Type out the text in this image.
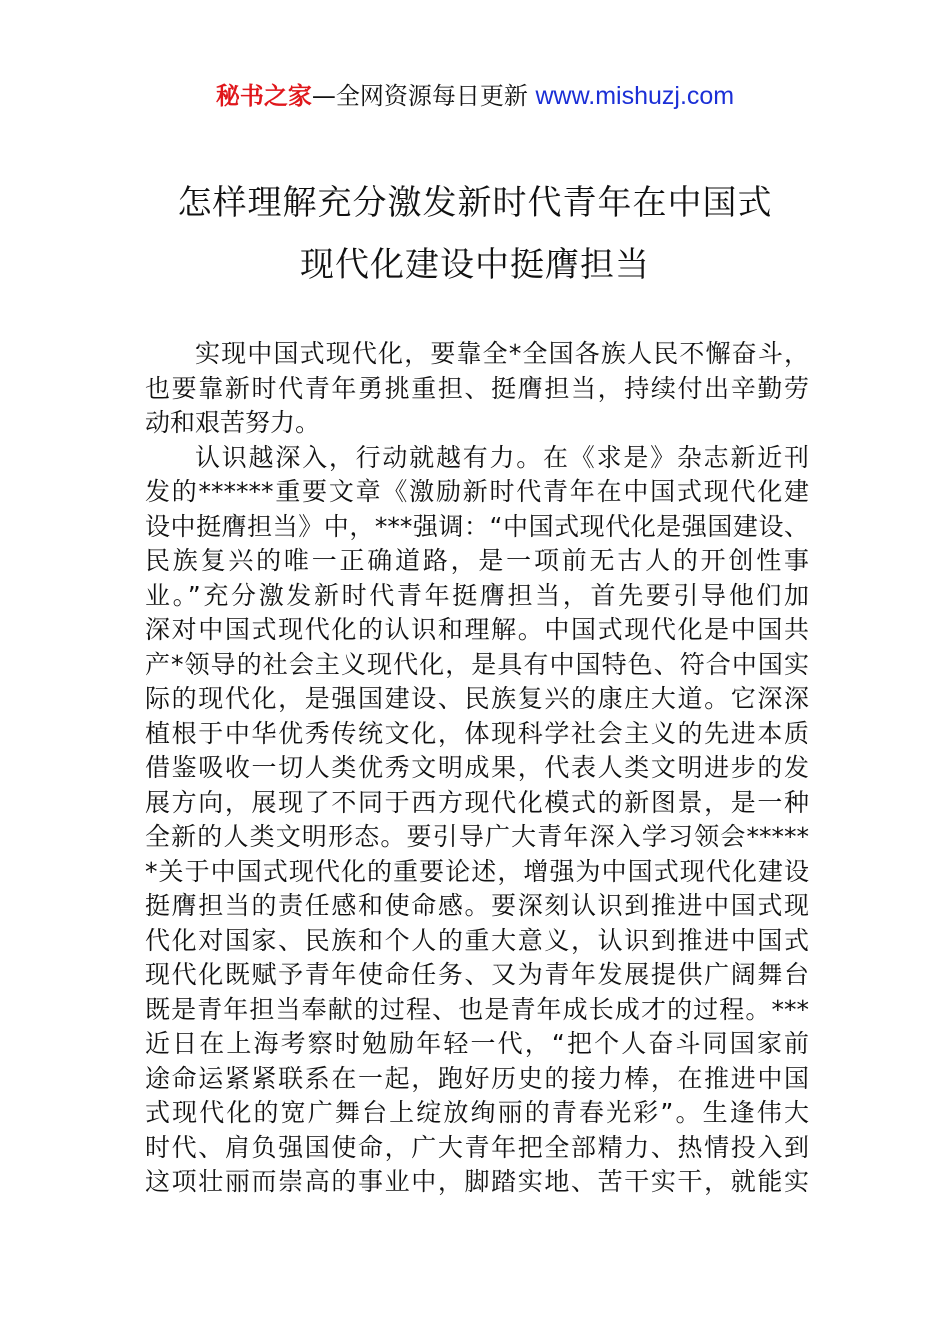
秘书之家—全网资源每日更新 www.mishuzj.com
怎样理解充分激发新时代青年在中国式
现代化建设中挺膺担当
实现中国式现代化，要靠全*全国各族人民不懈奋斗，
也要靠新时代青年勇挑重担、挺膺担当，持续付出辛勤劳
动和艰苦努力。
认识越深入，行动就越有力。在《求是》杂志新近刊
发的******重要文章《激励新时代青年在中国式现代化建
设中挺膺担当》中，***强调：“中国式现代化是强国建设、
民族复兴的唯一正确道路，是一项前无古人的开创性事
业。”充分激发新时代青年挺膺担当，首先要引导他们加
深对中国式现代化的认识和理解。中国式现代化是中国共
产*领导的社会主义现代化，是具有中国特色、符合中国实
际的现代化，是强国建设、民族复兴的康庄大道。它深深
植根于中华优秀传统文化，体现科学社会主义的先进本质
借鉴吸收一切人类优秀文明成果，代表人类文明进步的发
展方向，展现了不同于西方现代化模式的新图景，是一种
全新的人类文明形态。要引导广大青年深入学习领会*****
*关于中国式现代化的重要论述，增强为中国式现代化建设
挺膺担当的责任感和使命感。要深刻认识到推进中国式现
代化对国家、民族和个人的重大意义，认识到推进中国式
现代化既赋予青年使命任务、又为青年发展提供广阔舞台
既是青年担当奉献的过程、也是青年成长成才的过程。***
近日在上海考察时勉励年轻一代，“把个人奋斗同国家前
途命运紧紧联系在一起，跑好历史的接力棒，在推进中国
式现代化的宽广舞台上绽放绚丽的青春光彩”。生逢伟大
时代、肩负强国使命，广大青年把全部精力、热情投入到
这项壮丽而崇高的事业中，脚踏实地、苦干实干，就能实
